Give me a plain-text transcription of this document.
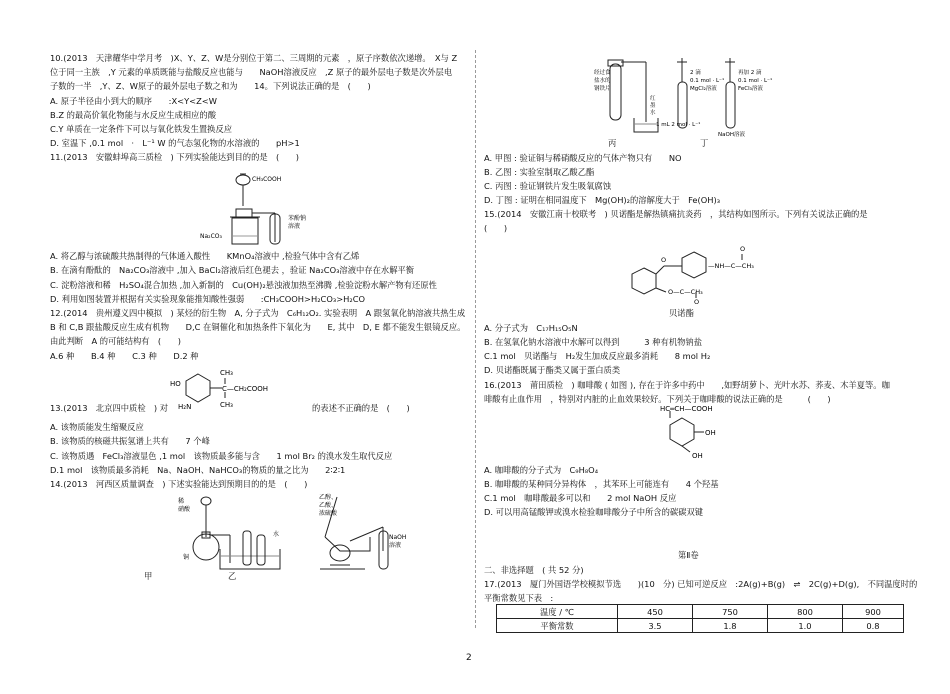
10.(2013　天津耀华中学月考　)X、Y、Z、W是分别位于第二、三周期的元素　，原子序数依次递增。　X与 Z
位于同一主族　,Y 元素的单质既能与盐酸反应也能与　　NaOH溶液反应　,Z 原子的最外层电子数是次外层电
子数的一半　,Y、Z、W原子的最外层电子数之和为　　14。下列说法正确的是　(　　)
A. 原子半径由小到大的顺序　　:X<Y<Z<W
B.Z 的最高价氧化物能与水反应生成相应的酸
C.Y 单质在一定条件下可以与氧化铁发生置换反应
D. 室温下 ,0.1 mol　·　L⁻¹ W 的气态氢化物的水溶液的　　pH>1
11.(2013　安徽蚌埠高三质检　) 下列实验能达到目的的是　(　　)
CH₃COOH
Na₂CO₃
苯酚钠
溶液
A. 将乙醇与浓硫酸共热制得的气体通入酸性　　KMnO₄溶液中 ,检验气体中含有乙烯
B. 在滴有酚酞的　Na₂CO₃溶液中 ,加入 BaCl₂溶液后红色褪去 ，验证 Na₂CO₃溶液中存在水解平衡
C. 淀粉溶液和稀　H₂SO₄混合加热 ,加入新制的　Cu(OH)₂悬浊液加热至沸腾 ,检验淀粉水解产物有还原性
D. 利用如图装置并根据有关实验现象能推知酸性强弱　　:CH₃COOH>H₂CO₃>H₂CO
12.(2014　贵州遵义四中模拟　) 某烃的衍生物　A, 分子式为　C₆H₁₂O₂. 实验表明　A 跟氢氧化钠溶液共热生成
B 和 C,B 跟盐酸反应生成有机物　　D,C 在铜催化和加热条件下氧化为　　E, 其中　D, E 都不能发生银镜反应。
由此判断　A 的可能结构有　(　　)
A.6 种　　B.4 种　　C.3 种　　D.2 种
HO
H₂N
CH₃
C—CH₂COOH
CH₃
13.(2013　北京四中质检　) 对	的表述不正确的是　(　　)
A. 该物质能发生缩聚反应
B. 该物质的核磁共振氢谱上共有　　7 个峰
C. 该物质遇　FeCl₃溶液显色 ,1 mol　该物质最多能与含　　1 mol Br₂ 的溴水发生取代反应
D.1 mol　该物质最多消耗　Na、NaOH、NaHCO₃的物质的量之比为　　2∶2∶1
14.(2013　河西区质量调查　) 下述实验能达到预期目的的是　(　　)
稀
硝酸
铜
水
乙醇、
乙酸、
浓硫酸
NaOH
溶液
甲	乙
经过食
盐水的
钢铁片
红
墨
水
2 滴
0.1 mol · L⁻¹
MgCl₂溶液
再加 2 滴
0.1 mol · L⁻¹
FeCl₃溶液
1 mL 2 mol · L⁻¹
NaOH溶液
丙	丁
A. 甲图 : 验证铜与稀硝酸反应的气体产物只有　　NO
B. 乙图 : 实验室制取乙酸乙酯
C. 丙图 : 验证钢铁片发生吸氧腐蚀
D. 丁图 : 证明在相同温度下　Mg(OH)₂的溶解度大于　Fe(OH)₃
15.(2014　安徽江南十校联考　) 贝诺酯是解热镇痛抗炎药　，其结构如图所示。下列有关说法正确的是
(　　)
O
—NH—C—CH₃
O
O—C—CH₃
O
贝诺酯
A. 分子式为　C₁₇H₁₅O₅N
B. 在氢氧化钠水溶液中水解可以得到　　　3 种有机物钠盐
C.1 mol　贝诺酯与　H₂发生加成反应最多消耗　　8 mol H₂
D. 贝诺酯既属于酯类又属于蛋白质类
16.(2013　莆田质检　) 咖啡酸 ( 如图 ), 存在于许多中药中　　,如野胡萝卜、光叶水苏、荞麦、木羊夏等。咖
啡酸有止血作用　，特别对内脏的止血效果较好。下列关于咖啡酸的说法正确的是　　　(　　)
HC═CH—COOH
OH
OH
A. 咖啡酸的分子式为　C₉H₈O₄
B. 咖啡酸的某种同分异构体　，其苯环上可能连有　　4 个羟基
C.1 mol　咖啡酸最多可以和　　2 mol NaOH 反应
D. 可以用高锰酸钾或溴水检验咖啡酸分子中所含的碳碳双键
第Ⅱ卷
二、非选择题　( 共 52 分)
17.(2013　厦门外国语学校模拟节选　　)(10　分) 已知可逆反应　:2A(g)+B(g)　⇌　2C(g)+D(g),　不同温度时的
平衡常数见下表　:
温度 / ℃	450	750	800	900
平衡常数	3.5	1.8	1.0	0.8
2
